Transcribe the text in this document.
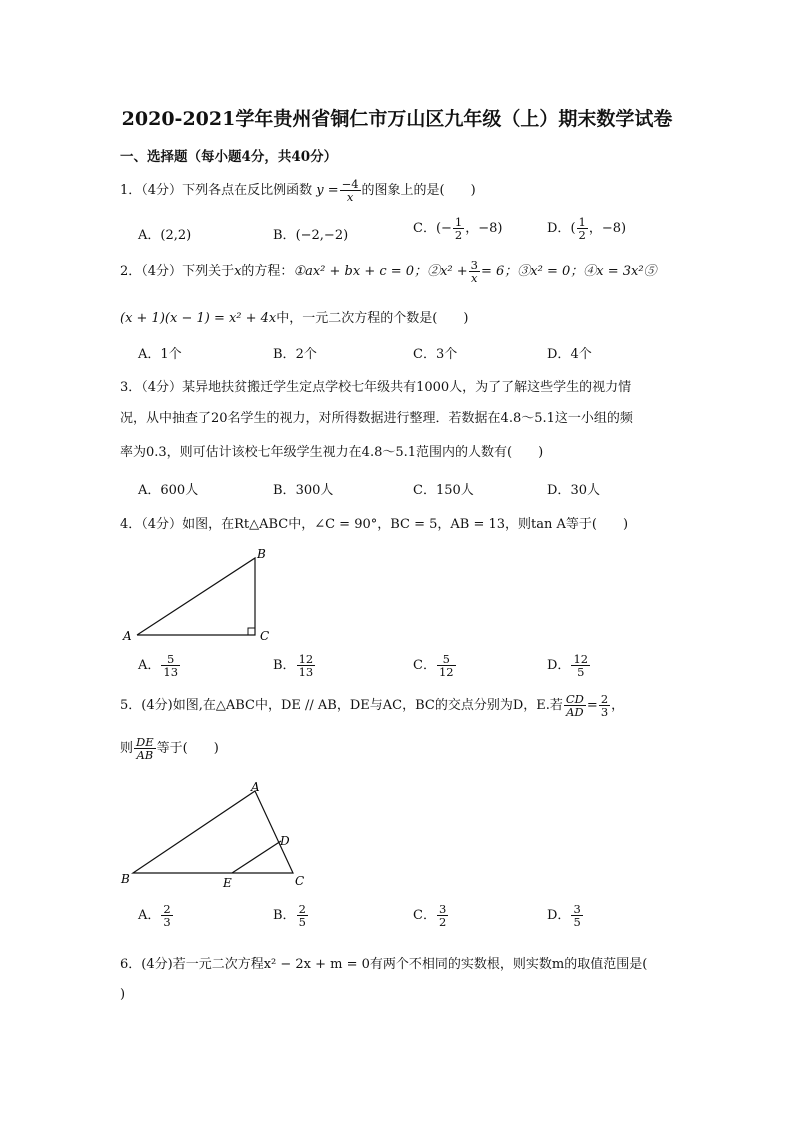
2020-2021学年贵州省铜仁市万山区九年级（上）期末数学试卷
一、选择题（每小题4分，共40分）
1．（4分）下列各点在反比例函数 $y = \frac{-4}{x}$ 的图象上的是(　　)
A．(2,2)	B．(−2,−2)	C．(− $\frac{1}{2}$ ，−8)	D．( $\frac{1}{2}$ ，−8)
2．（4分）下列关于x的方程：①ax² + bx + c = 0；②x² + $\frac{3}{x} = 6$；③x² = 0；④x = 3x²⑤
(x + 1)(x − 1) = x² + 4x中，一元二次方程的个数是(　　)
A．1个	B．2个	C．3个	D．4个
3．（4分）某异地扶贫搬迁学生定点学校七年级共有1000人，为了了解这些学生的视力情
况，从中抽查了20名学生的视力，对所得数据进行整理．若数据在4.8～5.1这一小组的频
率为0.3，则可估计该校七年级学生视力在4.8～5.1范围内的人数有(　　)
A．600人	B．300人	C．150人	D．30人
4．（4分）如图，在Rt△ABC中，∠C = 90°，BC = 5，AB = 13，则tan A等于(　　)
A
B
C
A． $\frac{5}{13}$	B． $\frac{12}{13}$	C． $\frac{5}{12}$	D． $\frac{12}{5}$
5．(4分)如图,在△ABC中，DE // AB，DE与AC，BC的交点分别为D，E.若 $\frac{CD}{AD} = \frac{2}{3}$ ，
则 $\frac{DE}{AB}$ 等于(　　)
A
B	C
D
E
A． $\frac{2}{3}$	B． $\frac{2}{5}$	C． $\frac{3}{2}$	D． $\frac{3}{5}$
6．(4分)若一元二次方程x² − 2x + m = 0有两个不相同的实数根，则实数m的取值范围是(
)
